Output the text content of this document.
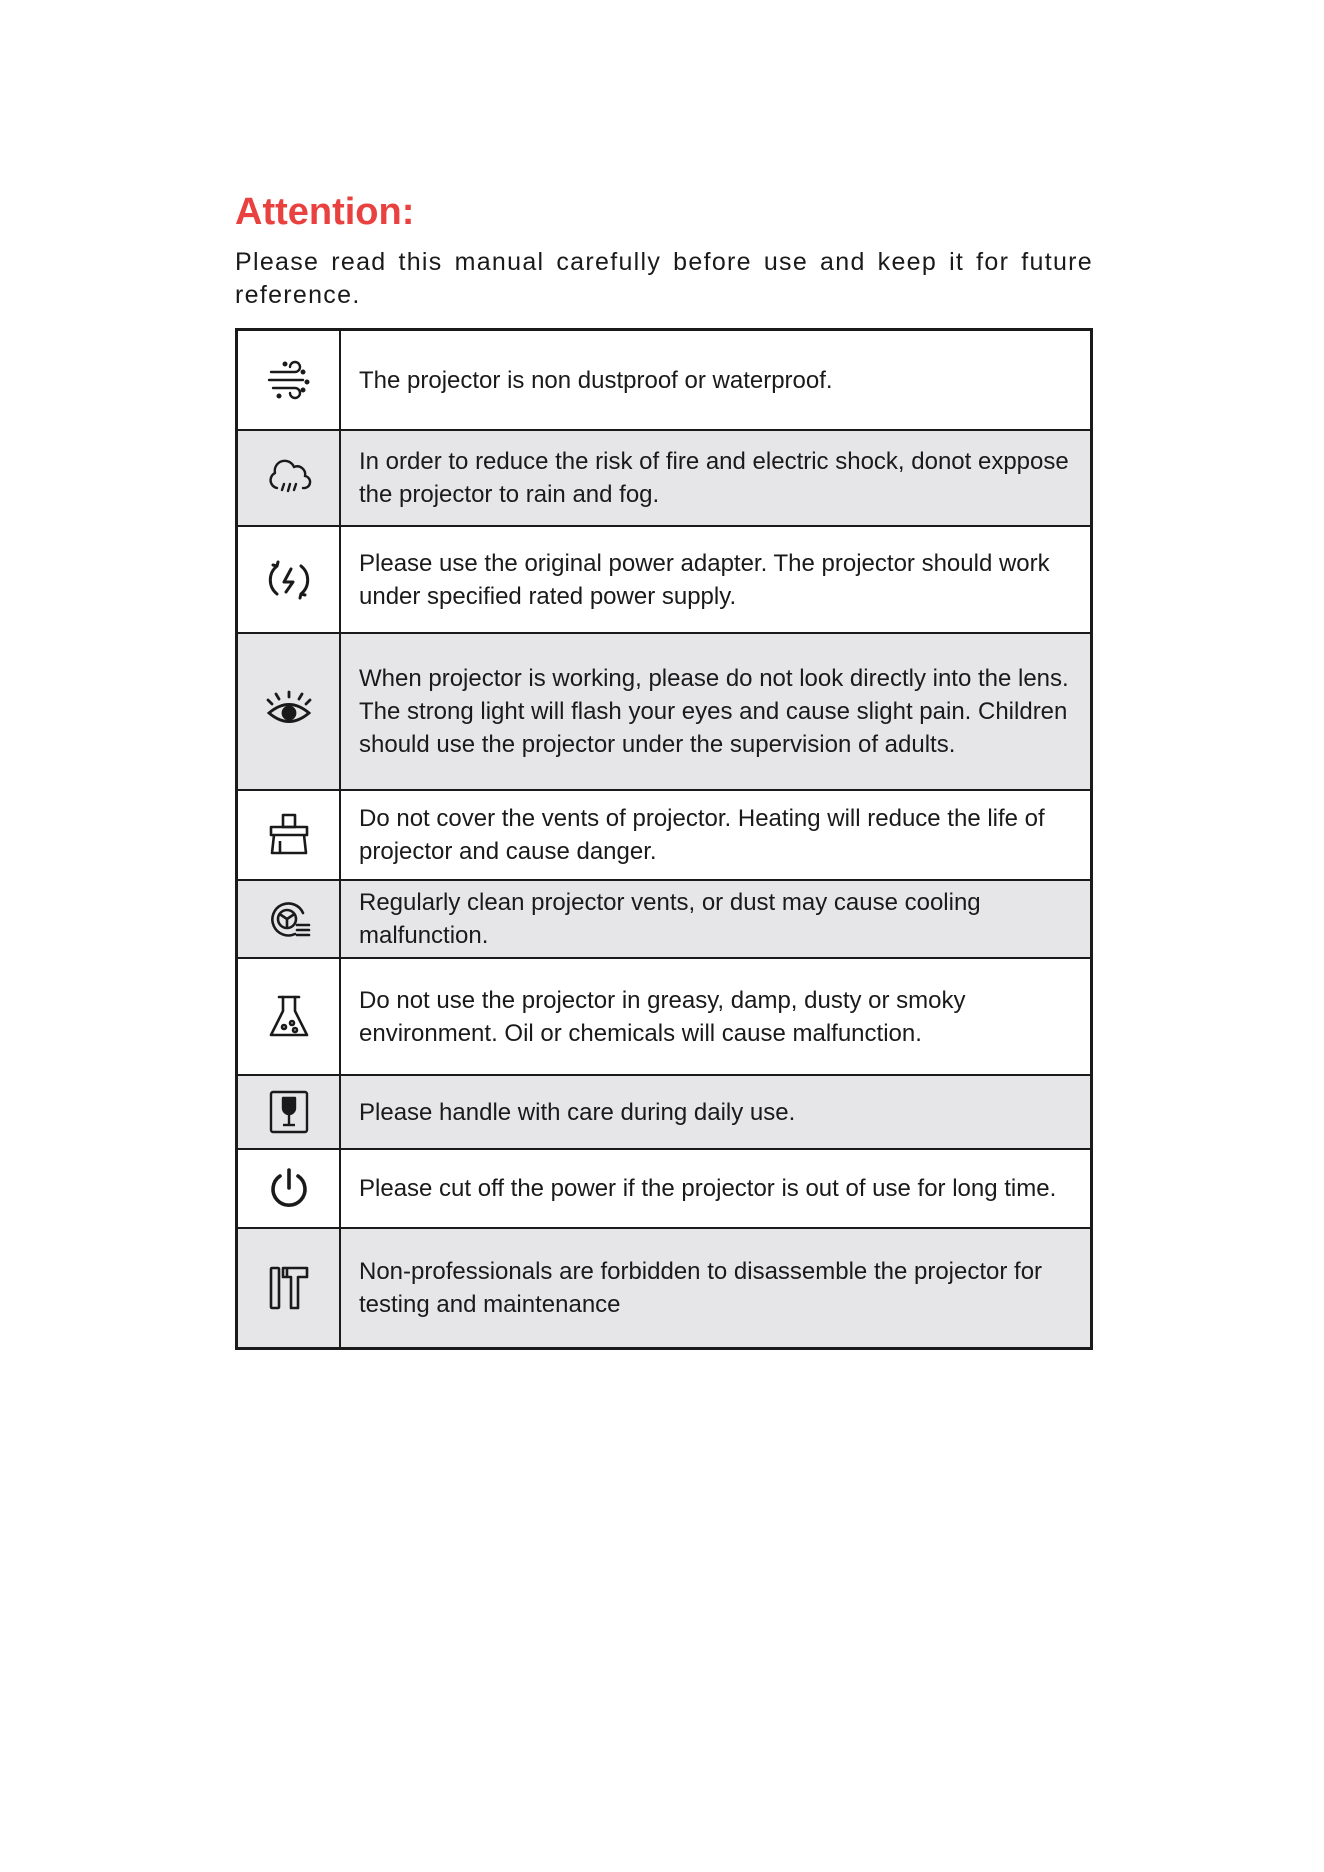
Attention:

Please read this manual carefully before use and keep it for future reference.

The projector is non dustproof or waterproof.
In order to reduce the risk of fire and electric shock, donot exppose the projector to rain and fog.
Please use the original power adapter. The projector should work under specified rated power supply.
When projector is working, please do not look directly into the lens. The strong light will flash your eyes and cause slight pain. Children should use the projector under the supervision of adults.
Do not cover the vents of projector. Heating will reduce the life of projector and cause danger.
Regularly clean projector vents, or dust may cause cooling malfunction.
Do not use the projector in greasy, damp, dusty or smoky environment. Oil or chemicals will cause malfunction.
Please handle with care during daily use.
Please cut off the power if the projector is out of use for long time.
Non-professionals are forbidden to disassemble the projector for testing and maintenance
